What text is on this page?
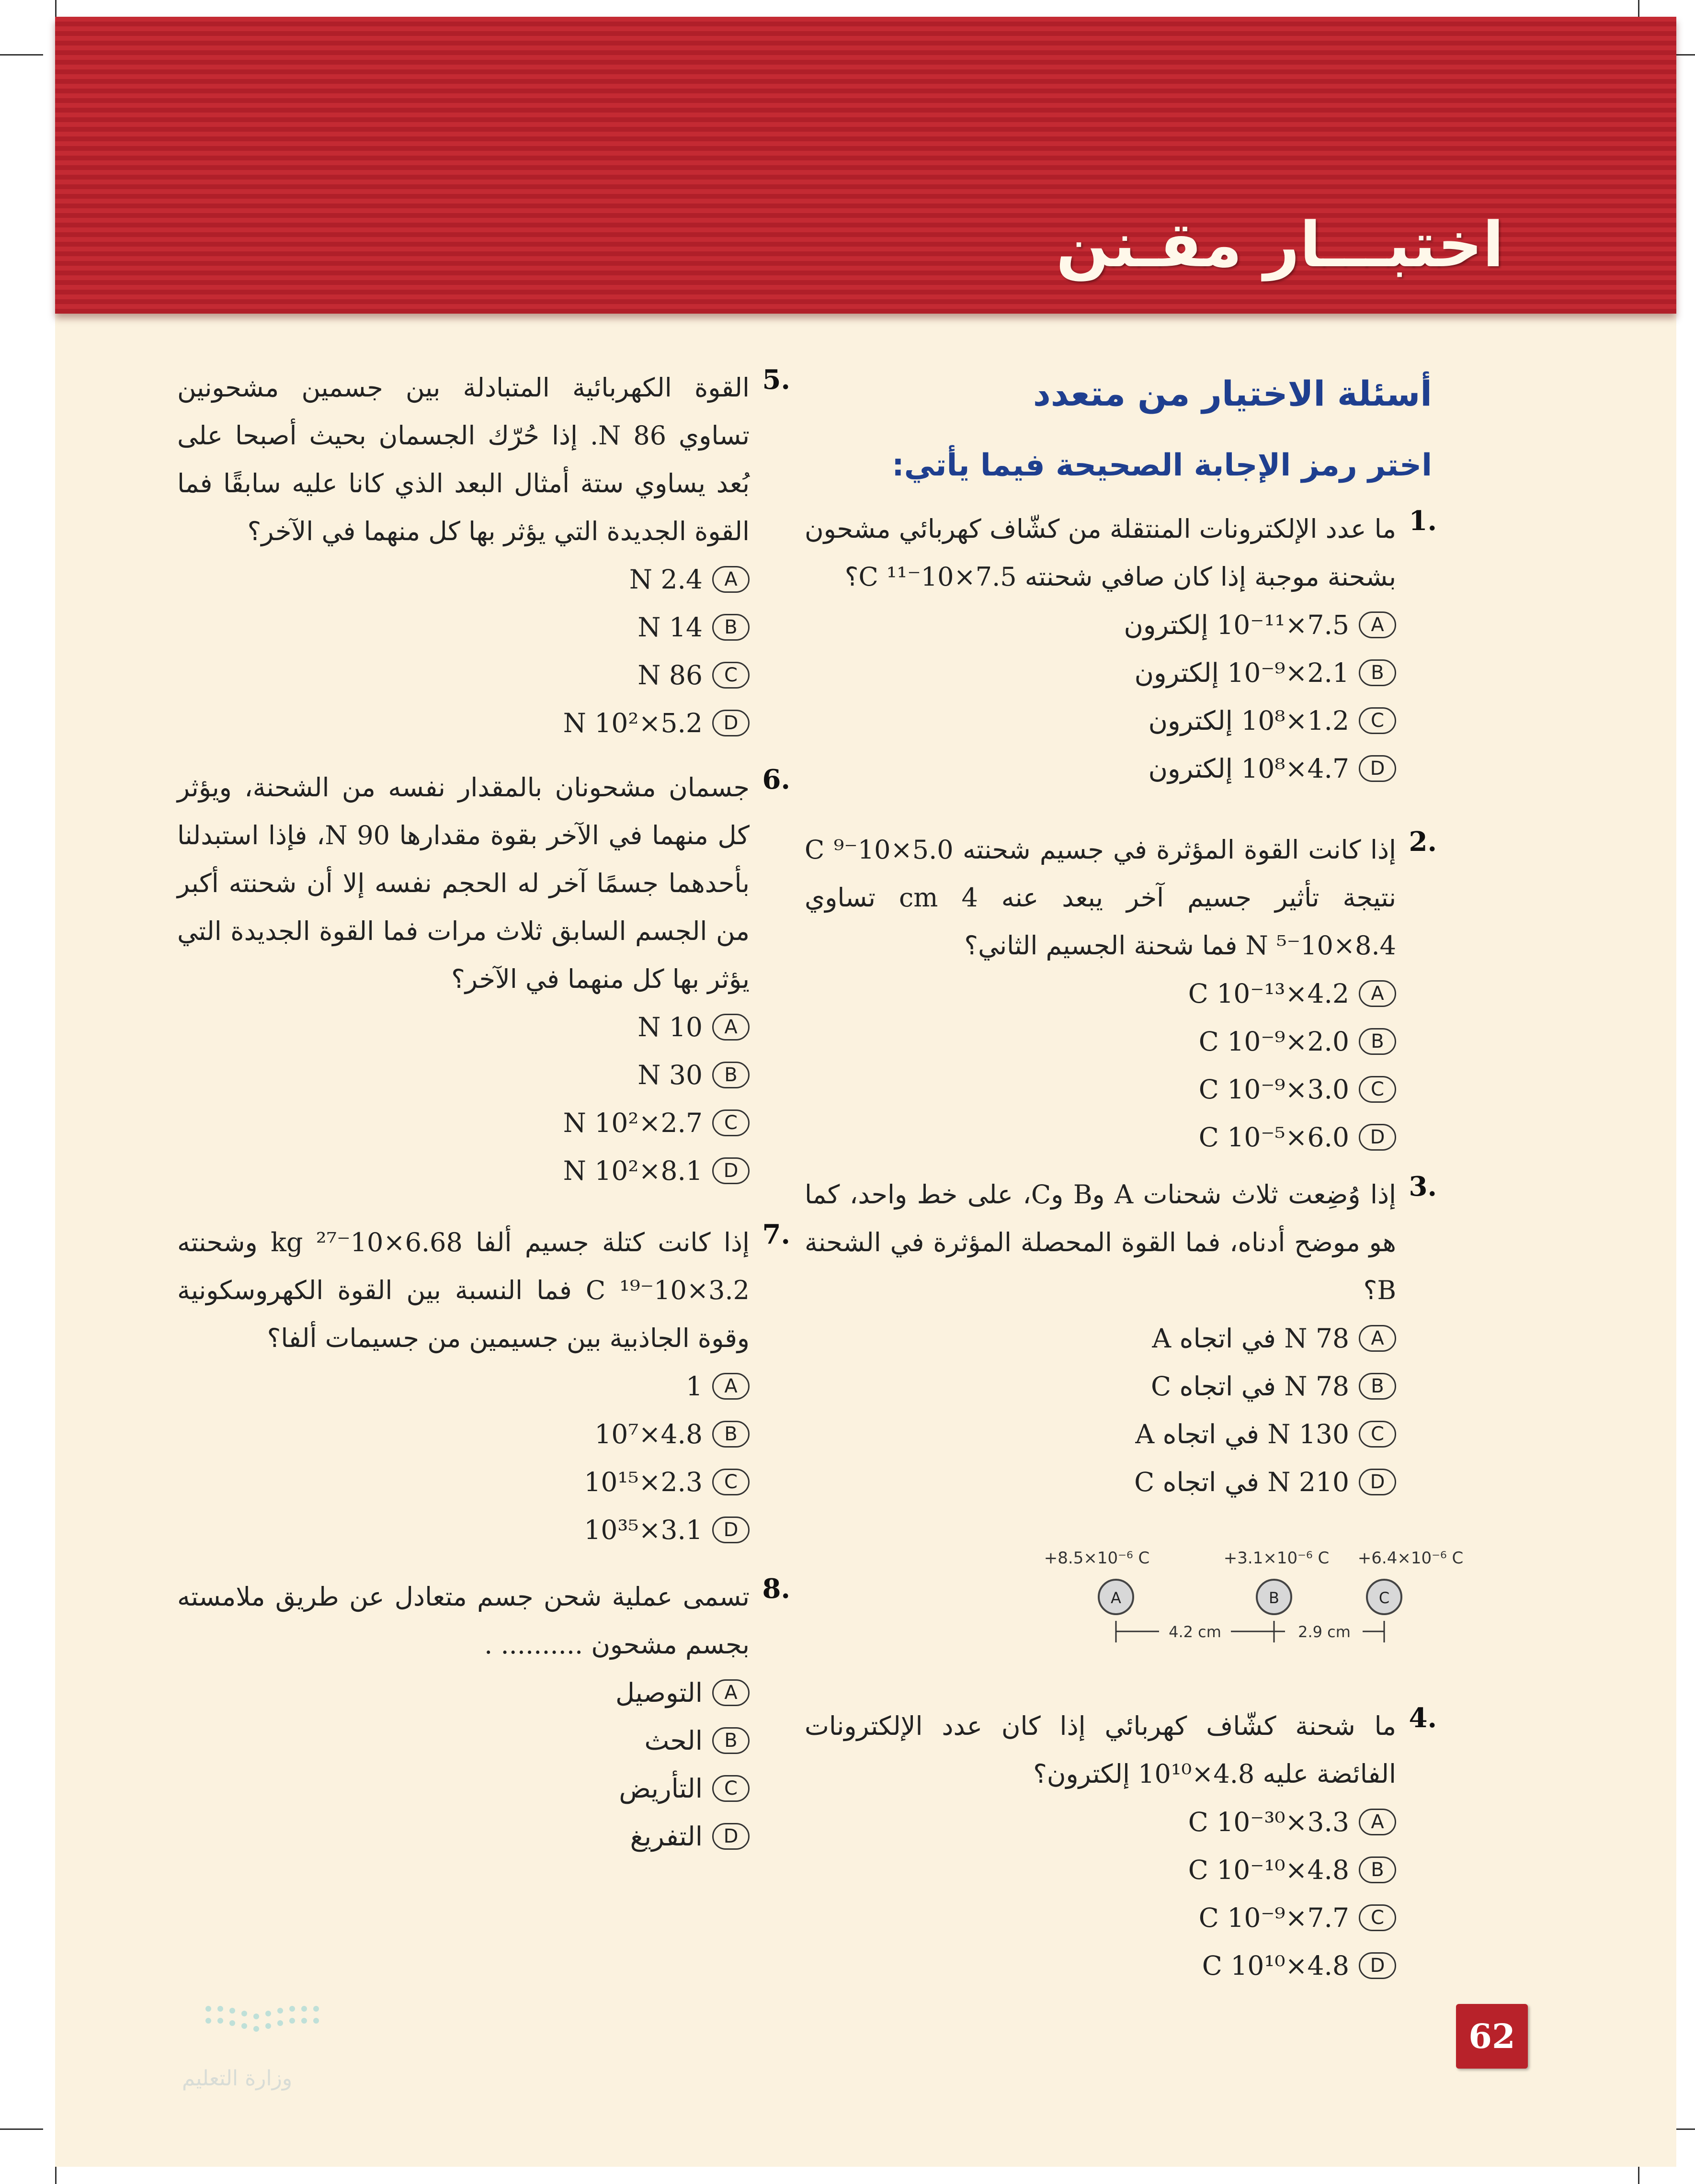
اختبـــار مقـنن
أسئلة الاختيار من متعدد
اختر رمز الإجابة الصحيحة فيما يأتي:
.1
ما عدد الإلكترونات المنتقلة من كشّاف كهربائي مشحون بشحنة موجبة إذا كان صافي شحنته 7.5×10⁻¹¹ C؟
A
7.5×10⁻¹¹ إلكترون
B
2.1×10⁻⁹ إلكترون
C
1.2×10⁸ إلكترون
D
4.7×10⁸ إلكترون
.2
إذا كانت القوة المؤثرة في جسيم شحنته 5.0×10⁻⁹ C نتيجة تأثير جسيم آخر يبعد عنه 4 cm تساوي 8.4×10⁻⁵ N فما شحنة الجسيم الثاني؟
A
4.2×10⁻¹³ C
B
2.0×10⁻⁹ C
C
3.0×10⁻⁹ C
D
6.0×10⁻⁵ C
.3
إذا وُضِعت ثلاث شحنات A وB وC، على خط واحد، كما هو موضح أدناه، فما القوة المحصلة المؤثرة في الشحنة B؟
A
78 N في اتجاه A
B
78 N في اتجاه C
C
130 N في اتجاه A
D
210 N في اتجاه C
.4
ما شحنة كشّاف كهربائي إذا كان عدد الإلكترونات الفائضة عليه 4.8×10¹⁰ إلكترون؟
A
3.3×10⁻³⁰ C
B
4.8×10⁻¹⁰ C
C
7.7×10⁻⁹ C
D
4.8×10¹⁰ C
+8.5×10⁻⁶ C	+3.1×10⁻⁶ C +6.4×10⁻⁶ C
A	B	C
4.2 cm	2.9 cm
.5
القوة الكهربائية المتبادلة بين جسمين مشحونين تساوي N 86. إذا حُرّك الجسمان بحيث أصبحا على بُعد يساوي ستة أمثال البعد الذي كانا عليه سابقًا فما القوة الجديدة التي يؤثر بها كل منهما في الآخر؟
A
2.4 N
B
14 N
C
86 N
D
5.2×10² N
.6
جسمان مشحونان بالمقدار نفسه من الشحنة، ويؤثر كل منهما في الآخر بقوة مقدارها 90 N، فإذا استبدلنا بأحدهما جسمًا آخر له الحجم نفسه إلا أن شحنته أكبر من الجسم السابق ثلاث مرات فما القوة الجديدة التي يؤثر بها كل منهما في الآخر؟
A
10 N
B
30 N
C
2.7×10² N
D
8.1×10² N
.7
إذا كانت كتلة جسيم ألفا 6.68×10⁻²⁷ kg وشحنته 3.2×10⁻¹⁹ C فما النسبة بين القوة الكهروسكونية وقوة الجاذبية بين جسيمين من جسيمات ألفا؟
A
1
B
4.8×10⁷
C
2.3×10¹⁵
D
3.1×10³⁵
.8
تسمى عملية شحن جسم متعادل عن طريق ملامسته بجسم مشحون .......... .
A
التوصيل
B
الحث
C
التأريض
D
التفريغ
وزارة التعليم
62
